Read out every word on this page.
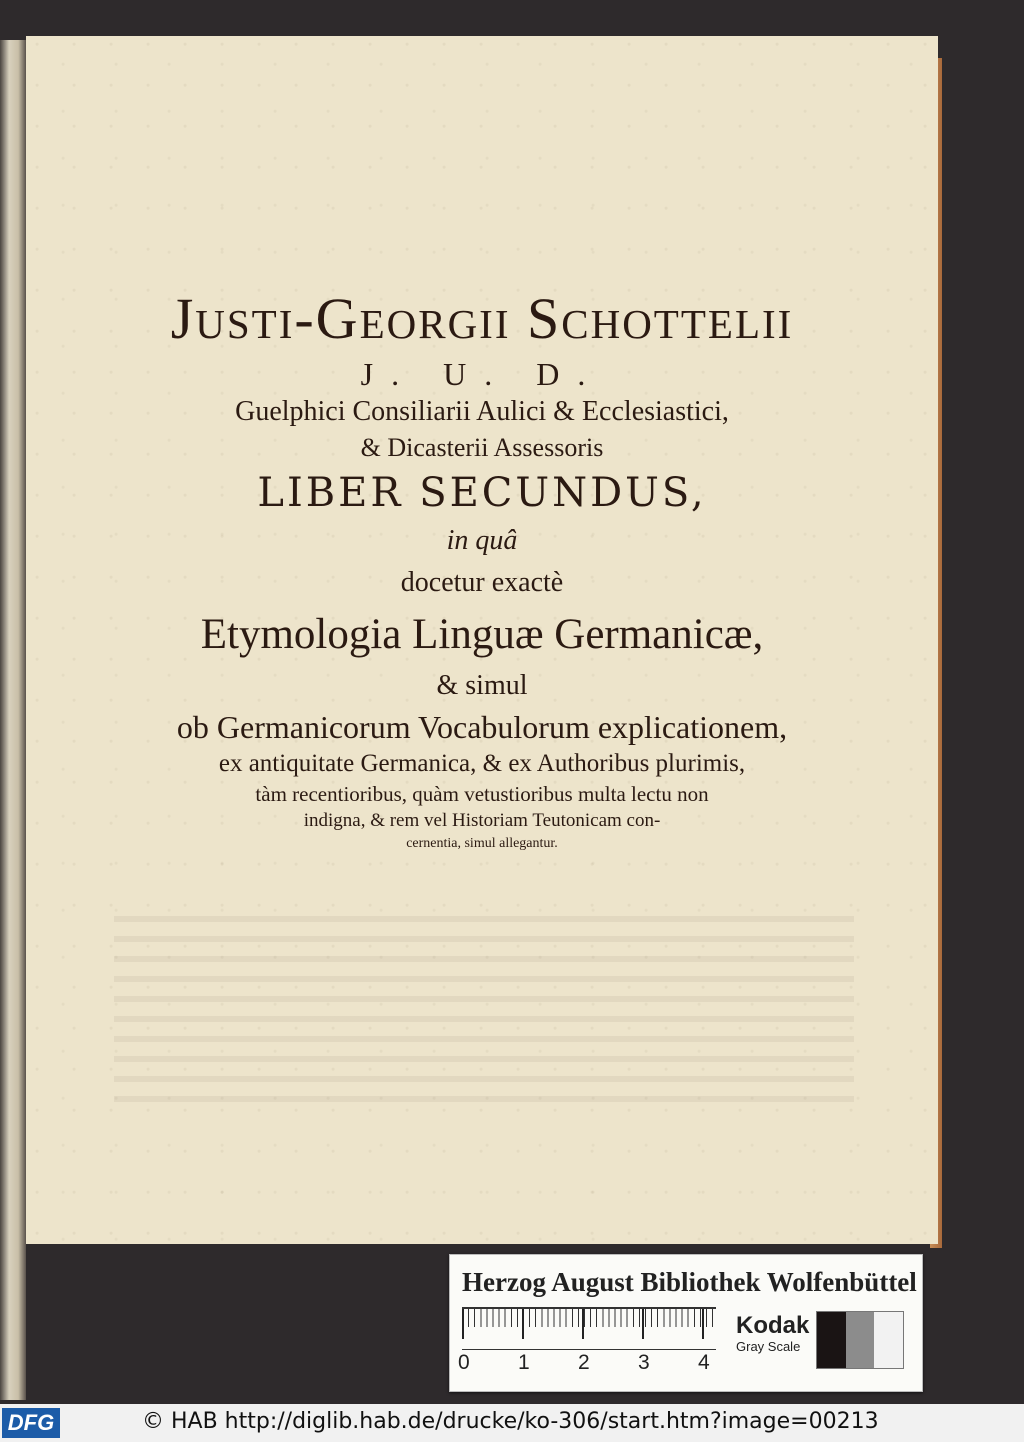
Justi-Georgii Schottelii
J. U. D.
Guelphici Consiliarii Aulici & Ecclesiastici,
& Dicasterii Assessoris
LIBER SECUNDUS,
in quâ
docetur exactè
Etymologia Linguæ Germanicæ,
& simul
ob Germanicorum Vocabulorum explicationem,
ex antiquitate Germanica, & ex Authoribus plurimis,
tàm recentioribus, quàm vetustioribus multa lectu non
indigna, & rem vel Historiam Teutonicam con-
cernentia, simul allegantur.
Herzog August Bibliothek Wolfenbüttel
0 1 2 3 4
Kodak
Gray Scale
DFG	© HAB http://diglib.hab.de/drucke/ko-306/start.htm?image=00213
